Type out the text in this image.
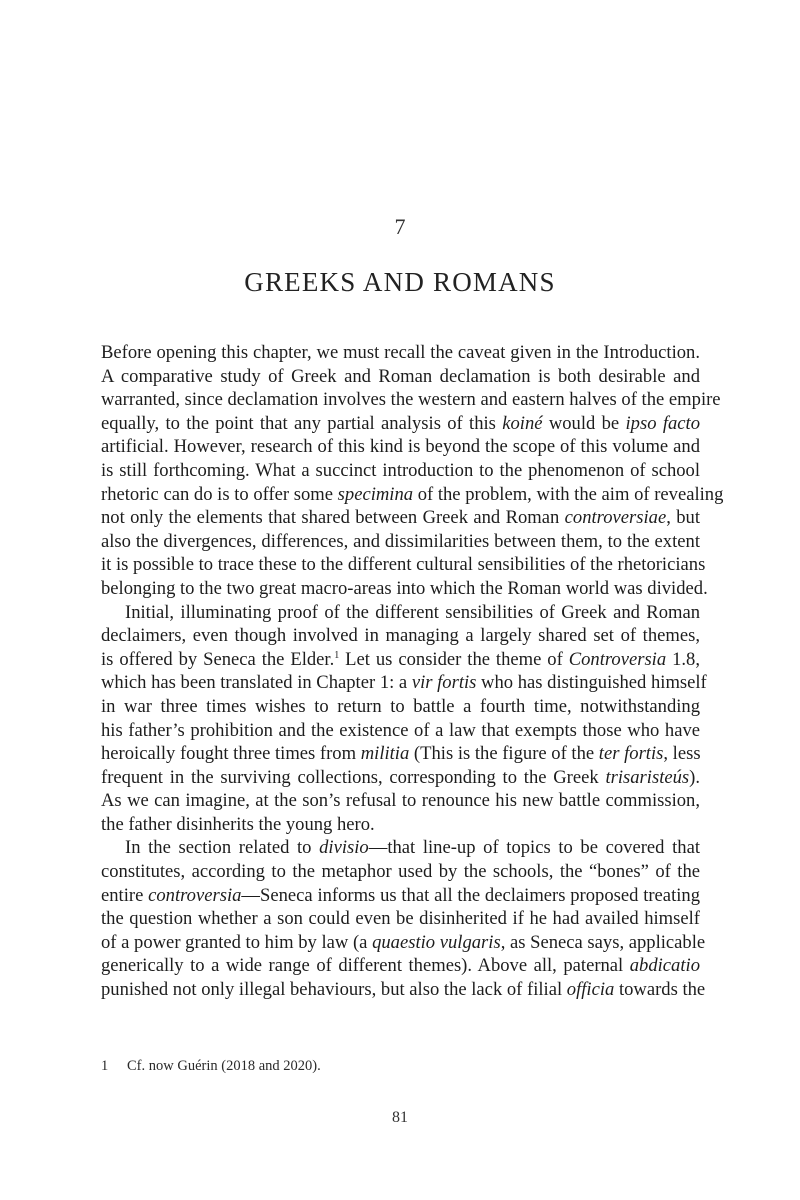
7
GREEKS AND ROMANS
Before opening this chapter, we must recall the caveat given in the Introduction.
A comparative study of Greek and Roman declamation is both desirable and
warranted, since declamation involves the western and eastern halves of the empire
equally, to the point that any partial analysis of this koiné would be ipso facto
artificial. However, research of this kind is beyond the scope of this volume and
is still forthcoming. What a succinct introduction to the phenomenon of school
rhetoric can do is to offer some specimina of the problem, with the aim of revealing
not only the elements that shared between Greek and Roman controversiae, but
also the divergences, differences, and dissimilarities between them, to the extent
it is possible to trace these to the different cultural sensibilities of the rhetoricians
belonging to the two great macro-areas into which the Roman world was divided.
Initial, illuminating proof of the different sensibilities of Greek and Roman
declaimers, even though involved in managing a largely shared set of themes,
is offered by Seneca the Elder.$^1$ Let us consider the theme of Controversia 1.8,
which has been translated in Chapter 1: a vir fortis who has distinguished himself
in war three times wishes to return to battle a fourth time, notwithstanding
his father’s prohibition and the existence of a law that exempts those who have
heroically fought three times from militia (This is the figure of the ter fortis, less
frequent in the surviving collections, corresponding to the Greek trisaristeús).
As we can imagine, at the son’s refusal to renounce his new battle commission,
the father disinherits the young hero.
In the section related to divisio—that line-up of topics to be covered that
constitutes, according to the metaphor used by the schools, the “bones” of the
entire controversia—Seneca informs us that all the declaimers proposed treating
the question whether a son could even be disinherited if he had availed himself
of a power granted to him by law (a quaestio vulgaris, as Seneca says, applicable
generically to a wide range of different themes). Above all, paternal abdicatio
punished not only illegal behaviours, but also the lack of filial officia towards the
1 Cf. now Guérin (2018 and 2020).
81
